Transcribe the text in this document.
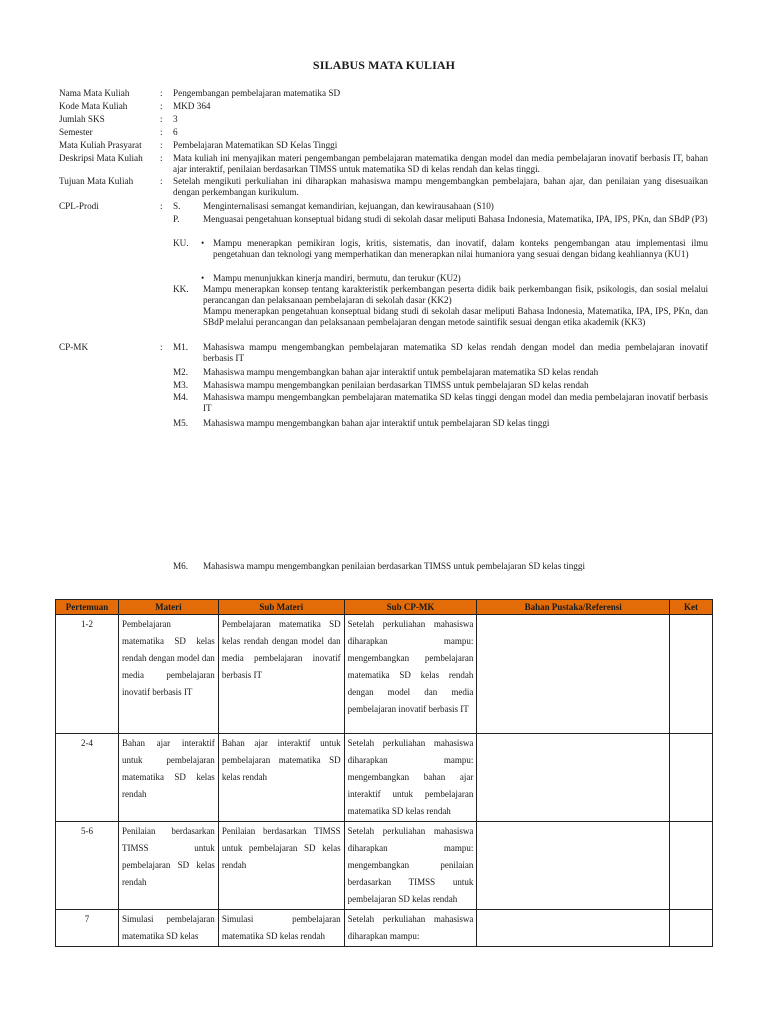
SILABUS MATA KULIAH
Nama Mata Kuliah	: Pengembangan pembelajaran matematika SD
Kode Mata Kuliah	: MKD 364
Jumlah SKS	: 3
Semester	: 6
Mata Kuliah Prasyarat	: Pembelajaran Matematikan SD Kelas Tinggi
Deskripsi Mata Kuliah	: Mata kuliah ini menyajikan materi pengembangan pembelajaran matematika dengan model dan media pembelajaran inovatif berbasis IT, bahan ajar interaktif, penilaian berdasarkan TIMSS untuk matematika SD di kelas rendah dan kelas tinggi.
Tujuan Mata Kuliah	: Setelah mengikuti perkuliahan ini diharapkan mahasiswa mampu mengembangkan pembelajara, bahan ajar, dan penilaian yang disesuaikan dengan perkembangan kurikulum.
CPL-Prodi	: S. Menginternalisasi semangat kemandirian, kejuangan, dan kewirausahaan (S10)
P.	Menguasai pengetahuan konseptual bidang studi di sekolah dasar meliputi Bahasa Indonesia, Matematika, IPA, IPS, PKn, dan SBdP (P3)
KU. • Mampu menerapkan pemikiran logis, kritis, sistematis, dan inovatif, dalam konteks pengembangan atau implementasi ilmu pengetahuan dan teknologi yang memperhatikan dan menerapkan nilai humaniora yang sesuai dengan bidang keahliannya (KU1)
• Mampu menunjukkan kinerja mandiri, bermutu, dan terukur (KU2)
KK. Mampu menerapkan konsep tentang karakteristik perkembangan peserta didik baik perkembangan fisik, psikologis, dan sosial melalui perancangan dan pelaksanaan pembelajaran di sekolah dasar (KK2)
Mampu menerapkan pengetahuan konseptual bidang studi di sekolah dasar meliputi Bahasa Indonesia, Matematika, IPA, IPS, PKn, dan SBdP melalui perancangan dan pelaksanaan pembelajaran dengan metode saintifik sesuai dengan etika akademik (KK3)
CP-MK	: M1. Mahasiswa mampu mengembangkan pembelajaran matematika SD kelas rendah dengan model dan media pembelajaran inovatif berbasis IT
M2. Mahasiswa mampu mengembangkan bahan ajar interaktif untuk pembelajaran matematika SD kelas rendah
M3. Mahasiswa mampu mengembangkan penilaian berdasarkan TIMSS untuk pembelajaran SD kelas rendah
M4. Mahasiswa mampu mengembangkan pembelajaran matematika SD kelas tinggi dengan model dan media pembelajaran inovatif berbasis IT
M5. Mahasiswa mampu mengembangkan bahan ajar interaktif untuk pembelajaran SD kelas tinggi
M6. Mahasiswa mampu mengembangkan penilaian berdasarkan TIMSS untuk pembelajaran SD kelas tinggi
Pertemuan	Materi	Sub Materi	Sub CP-MK	Bahan Pustaka/Referensi	Ket
1-2	Pembelajaran matematika SD kelas rendah dengan model dan media pembelajaran inovatif berbasis IT	Pembelajaran matematika SD kelas rendah dengan model dan media pembelajaran inovatif berbasis IT	Setelah perkuliahan mahasiswa diharapkan mampu: mengembangkan pembelajaran matematika SD kelas rendah dengan model dan media pembelajaran inovatif berbasis IT		
2-4	Bahan ajar interaktif untuk pembelajaran matematika SD kelas rendah	Bahan ajar interaktif untuk pembelajaran matematika SD kelas rendah	Setelah perkuliahan mahasiswa diharapkan mampu: mengembangkan bahan ajar interaktif untuk pembelajaran matematika SD kelas rendah		
5-6	Penilaian berdasarkan TIMSS untuk pembelajaran SD kelas rendah	Penilaian berdasarkan TIMSS untuk pembelajaran SD kelas rendah	Setelah perkuliahan mahasiswa diharapkan mampu: mengembangkan penilaian berdasarkan TIMSS untuk pembelajaran SD kelas rendah		
7	Simulasi pembelajaran matematika SD kelas	Simulasi pembelajaran matematika SD kelas rendah	Setelah perkuliahan mahasiswa diharapkan mampu:		
